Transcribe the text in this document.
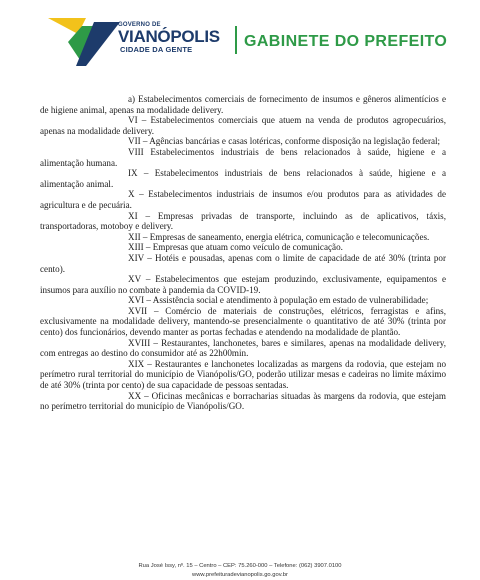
GOVERNO DE
VIANÓPOLIS
CIDADE DA GENTE	GABINETE DO PREFEITO

a) Estabelecimentos comerciais de fornecimento de insumos e gêneros alimentícios e de higiene animal, apenas na modalidade delivery.

VI – Estabelecimentos comerciais que atuem na venda de produtos agropecuários, apenas na modalidade delivery.

VII – Agências bancárias e casas lotéricas, conforme disposição na legislação federal;

VIII Estabelecimentos industriais de bens relacionados à saúde, higiene e a alimentação humana.

IX – Estabelecimentos industriais de bens relacionados à saúde, higiene e a alimentação animal.

X – Estabelecimentos industriais de insumos e/ou produtos para as atividades de agricultura e de pecuária.

XI – Empresas privadas de transporte, incluindo as de aplicativos, táxis, transportadoras, motoboy e delivery.

XII – Empresas de saneamento, energia elétrica, comunicação e telecomunicações.

XIII – Empresas que atuam como veículo de comunicação.

XIV – Hotéis e pousadas, apenas com o limite de capacidade de até 30% (trinta por cento).

XV – Estabelecimentos que estejam produzindo, exclusivamente, equipamentos e insumos para auxílio no combate à pandemia da COVID-19.

XVI – Assistência social e atendimento à população em estado de vulnerabilidade;

XVII – Comércio de materiais de construções, elétricos, ferragistas e afins, exclusivamente na modalidade delivery, mantendo-se presencialmente o quantitativo de até 30% (trinta por cento) dos funcionários, devendo manter as portas fechadas e atendendo na modalidade de plantão.

XVIII – Restaurantes, lanchonetes, bares e similares, apenas na modalidade delivery, com entregas ao destino do consumidor até as 22h00min.

XIX – Restaurantes e lanchonetes localizadas as margens da rodovia, que estejam no perímetro rural territorial do município de Vianópolis/GO, poderão utilizar mesas e cadeiras no limite máximo de até 30% (trinta por cento) de sua capacidade de pessoas sentadas.

XX – Oficinas mecânicas e borracharias situadas às margens da rodovia, que estejam no perímetro territorial do município de Vianópolis/GO.

Rua José Issy, nº. 15 – Centro – CEP: 75.260-000 – Telefone: (062) 3907.0100
www.prefeituradevianopolis.go.gov.br
